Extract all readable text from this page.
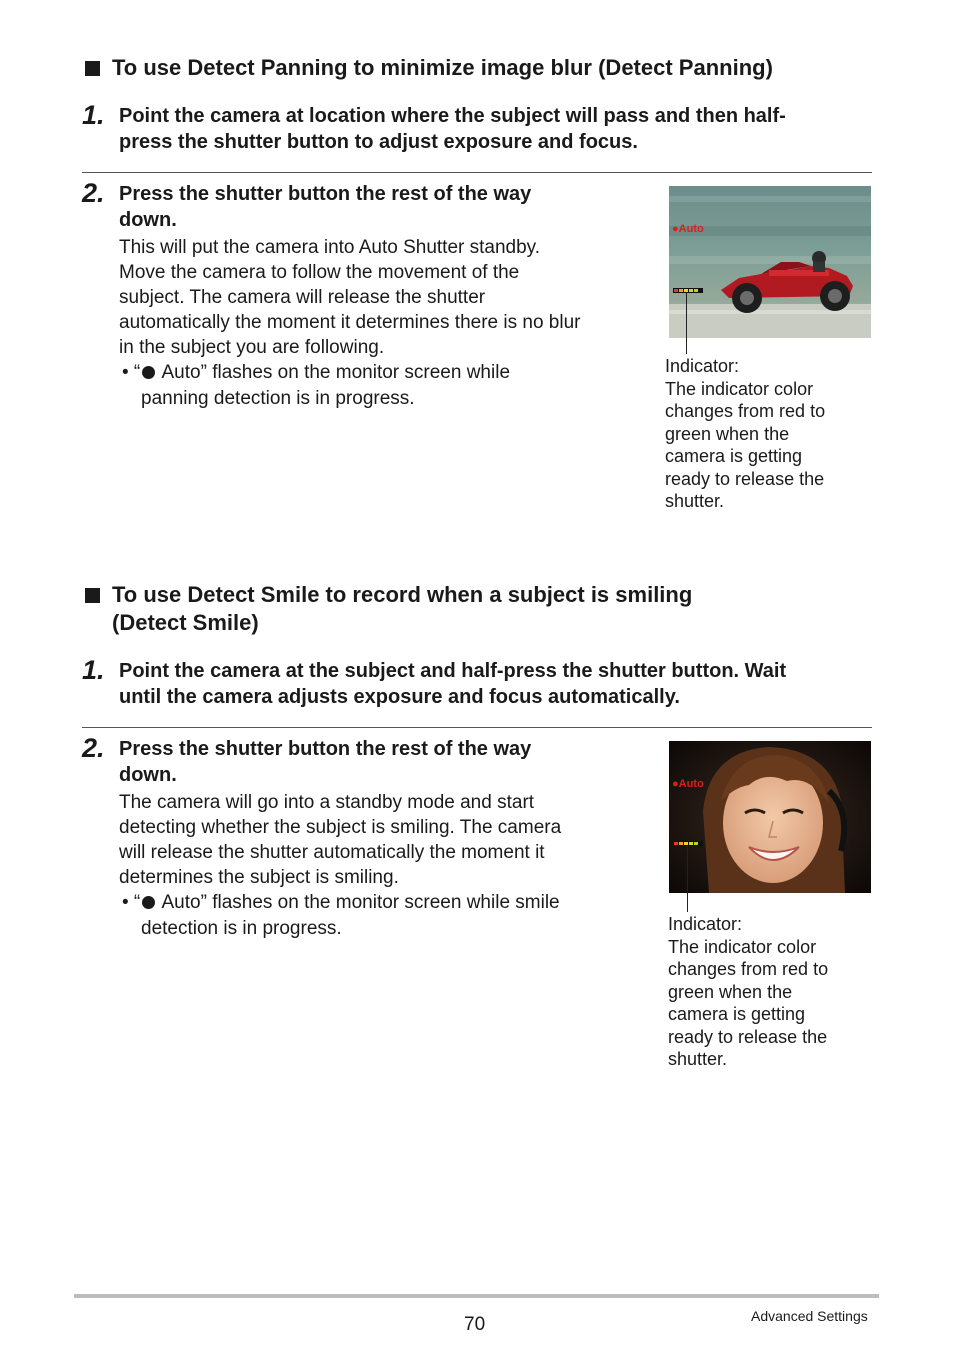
To use Detect Panning to minimize image blur (Detect Panning)
1. Point the camera at location where the subject will pass and then half-
press the shutter button to adjust exposure and focus.
2. Press the shutter button the rest of the way
down.
This will put the camera into Auto Shutter standby.
Move the camera to follow the movement of the
subject. The camera will release the shutter
automatically the moment it determines there is no blur
in the subject you are following.
• “ Auto” flashes on the monitor screen while
panning detection is in progress.
●Auto
Indicator:
The indicator color
changes from red to
green when the
camera is getting
ready to release the
shutter.
To use Detect Smile to record when a subject is smiling
(Detect Smile)
1. Point the camera at the subject and half-press the shutter button. Wait
until the camera adjusts exposure and focus automatically.
2. Press the shutter button the rest of the way
down.
The camera will go into a standby mode and start
detecting whether the subject is smiling. The camera
will release the shutter automatically the moment it
determines the subject is smiling.
• “ Auto” flashes on the monitor screen while smile
detection is in progress.
●Auto
Indicator:
The indicator color
changes from red to
green when the
camera is getting
ready to release the
shutter.
70	Advanced Settings
